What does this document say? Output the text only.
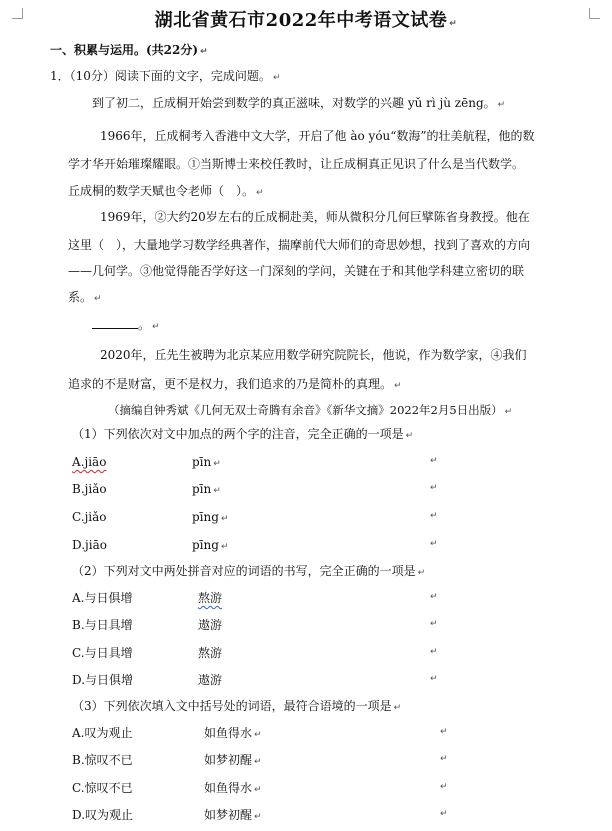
湖北省黄石市2022年中考语文试卷 ↵
一、积累与运用。(共22分) ↵
1．（10分）阅读下面的文字，完成问题。 ↵
到了初二，丘成桐开始尝到数学的真正滋味，对数学的兴趣 yǔ rì jù zēng。 ↵
1966年，丘成桐考入香港中文大学，开启了他 ào yóu“数海”的壮美航程，他的数
学才华开始璀璨耀眼。①当斯博士来校任教时，让丘成桐真正见识了什么是当代数学。
丘成桐的数学天赋也令老师（　）。 ↵
1969年，②大约20岁左右的丘成桐赴美，师从微积分几何巨擘陈省身教授。他在
这里（　），大量地学习数学经典著作，揣摩前代大师们的奇思妙想，找到了喜欢的方向
——几何学。③他觉得能否学好这一门深刻的学问，关键在于和其他学科建立密切的联
系。 ↵
。 ↵
2020年，丘先生被聘为北京某应用数学研究院院长，他说，作为数学家，④我们
追求的不是财富，更不是权力，我们追求的乃是简朴的真理。 ↵
（摘编自钟秀斌《几何无双士奇腾有余音》《新华文摘》2022年2月5日出版） ↵
（1）下列依次对文中加点的两个字的注音，完全正确的一项是 ↵
A.jiāo	pīn ↵	↵
B.jiǎo	pīn ↵	↵
C.jiǎo	pīng ↵	↵
D.jiāo	pīng ↵	↵
（2）下列对文中两处拼音对应的词语的书写，完全正确的一项是 ↵
A.与日俱增	熬游	↵
B.与日具增	遨游	↵
C.与日具增	熬游	↵
D.与日俱增	遨游	↵
（3）下列依次填入文中括号处的词语，最符合语境的一项是 ↵
A.叹为观止	如鱼得水 ↵	↵
B.惊叹不已	如梦初醒 ↵	↵
C.惊叹不已	如鱼得水 ↵	↵
D.叹为观止	如梦初醒 ↵	↵
